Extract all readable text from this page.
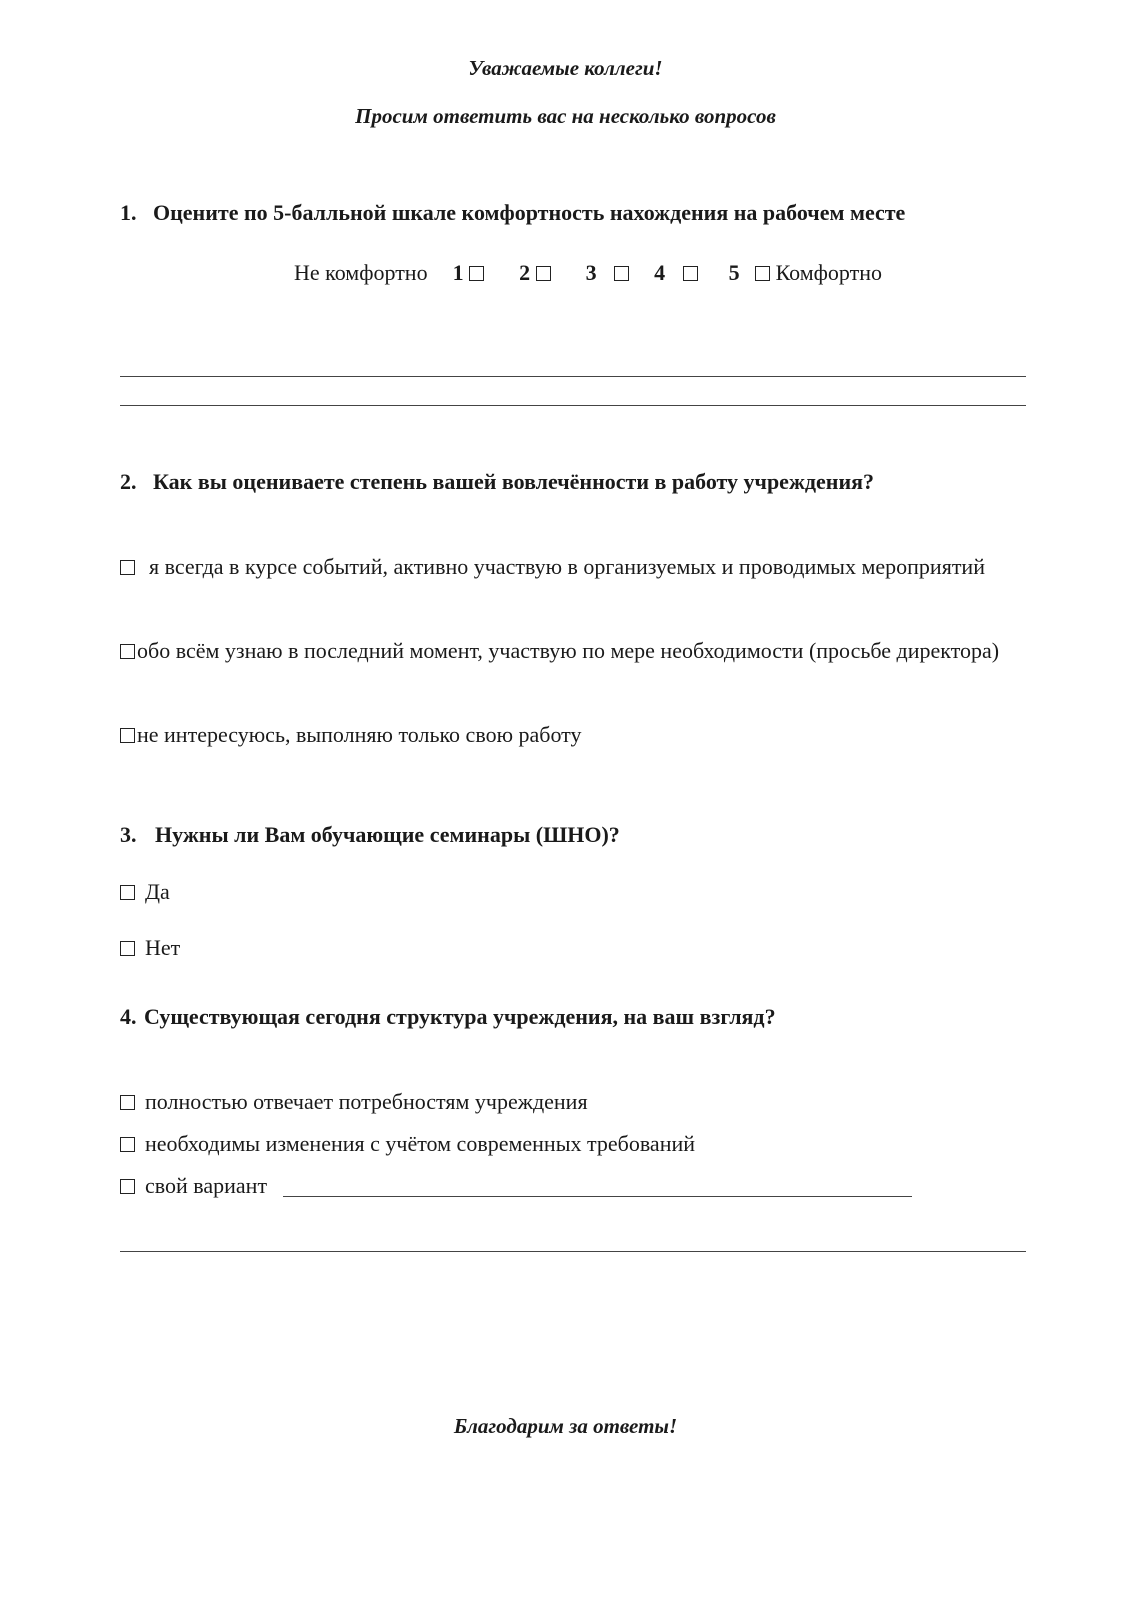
Уважаемые коллеги!
Просим ответить вас на несколько вопросов
1. Оцените по 5-балльной шкале комфортность нахождения на рабочем месте
Не комфортно 1	2	3	4	5 Комфортно
2. Как вы оцениваете степень вашей вовлечённости в работу учреждения?
я всегда в курсе событий, активно участвую в организуемых и проводимых мероприятий
обо всём узнаю в последний момент, участвую по мере необходимости (просьбе директора)
не интересуюсь, выполняю только свою работу
3. Нужны ли Вам обучающие семинары (ШНО)?
Да
Нет
4. Существующая сегодня структура учреждения, на ваш взгляд?
полностью отвечает потребностям учреждения
необходимы изменения с учётом современных требований
свой вариант
Благодарим за ответы!
